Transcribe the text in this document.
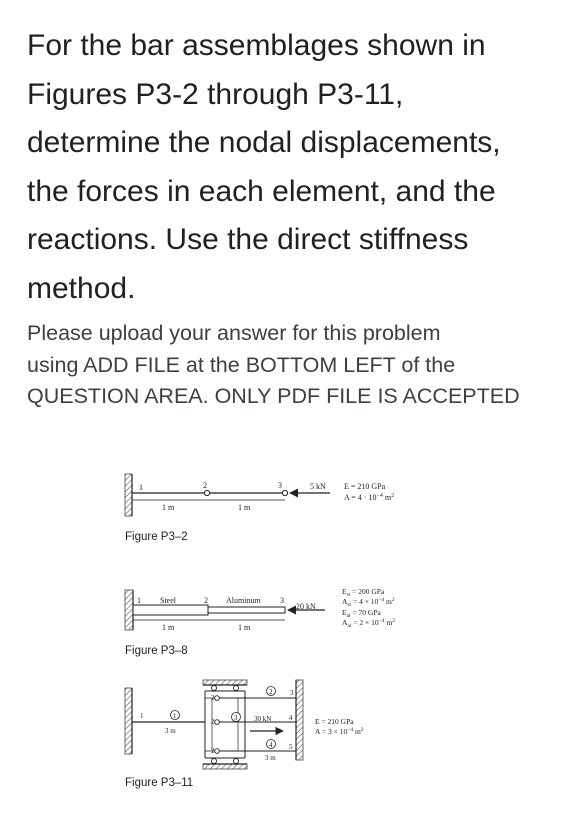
For the bar assemblages shown in
Figures P3-2 through P3-11,
determine the nodal displacements,
the forces in each element, and the
reactions. Use the direct stiffness
method.
Please upload your answer for this problem
using ADD FILE at the BOTTOM LEFT of the
QUESTION AREA. ONLY PDF FILE IS ACCEPTED
1	2	3	5 kN
1 m	1 m
E = 210 GPa
$A = 4 \cdot 10^{-4}$ $m^2$
Figure P3–2
1	2	3
Steel	Aluminum
20 kN
1 m	1 m
$E_{st} = 200$ GPa
$A_{st} = 4 \times 10^{-4}$ $m^2$
$E_{al} = 70$ GPa
$A_{al} = 2 \times 10^{-4}$ $m^2$
Figure P3–8
1
2
3
4
1
2
2
2
3
4
5
30 kN
3 m
3 m
E = 210 GPa
$A = 3 \times 10^{-4}$ $m^2$
Figure P3–11
